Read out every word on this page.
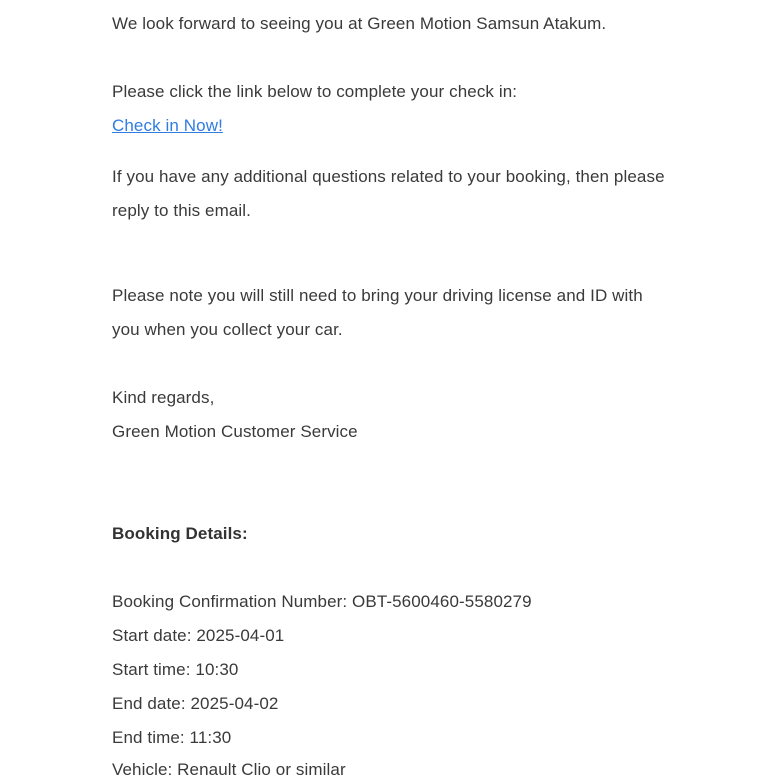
We look forward to seeing you at Green Motion Samsun Atakum.
Please click the link below to complete your check in:
Check in Now!
If you have any additional questions related to your booking, then please
reply to this email.
Please note you will still need to bring your driving license and ID with
you when you collect your car.
Kind regards,
Green Motion Customer Service
Booking Details:
Booking Confirmation Number: OBT-5600460-5580279
Start date: 2025-04-01
Start time: 10:30
End date: 2025-04-02
End time: 11:30
Vehicle: Renault Clio or similar
